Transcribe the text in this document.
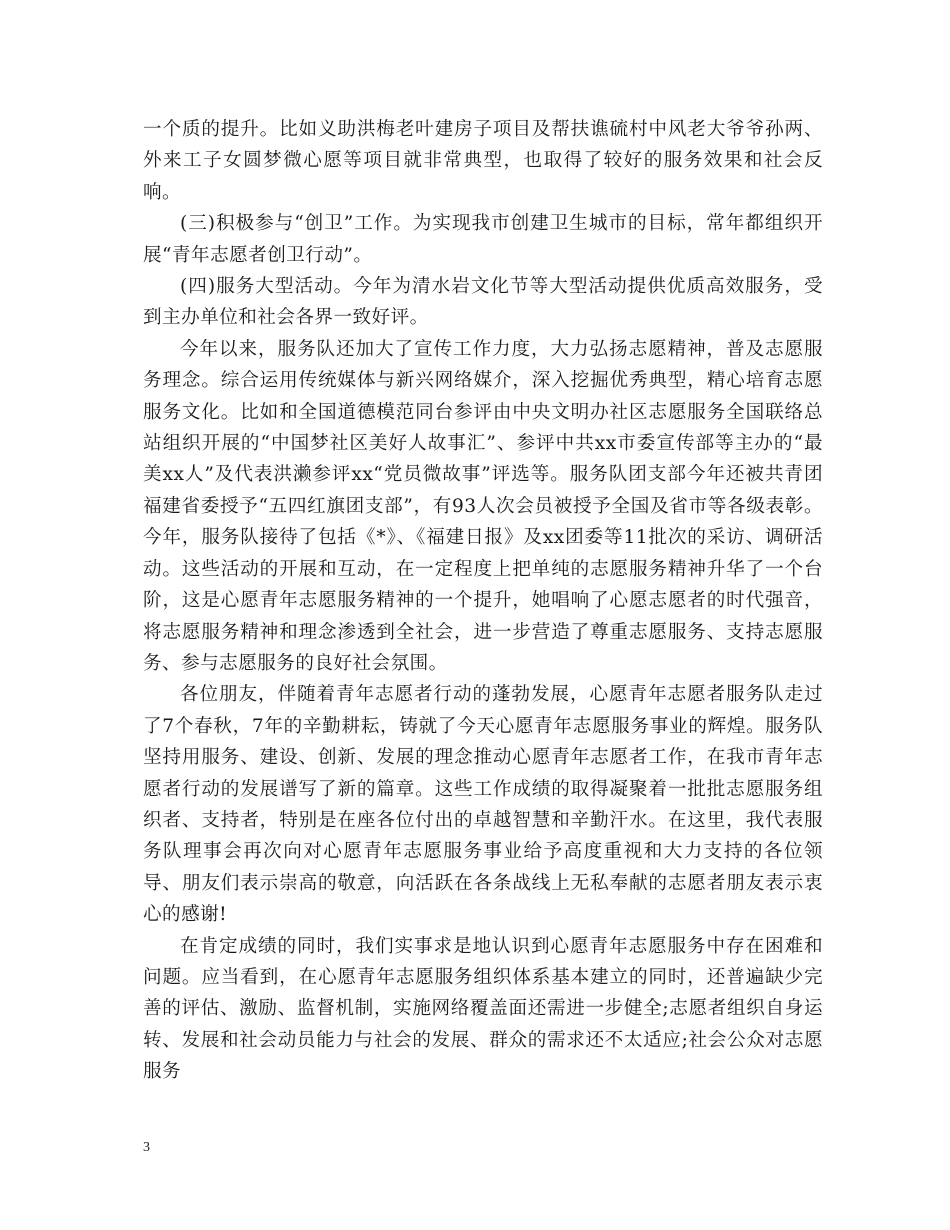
一个质的提升。比如义助洪梅老叶建房子项目及帮扶谯硫村中风老大爷爷孙两、外来工子女圆梦微心愿等项目就非常典型，也取得了较好的服务效果和社会反响。

(三)积极参与“创卫”工作。为实现我市创建卫生城市的目标，常年都组织开展“青年志愿者创卫行动”。

(四)服务大型活动。今年为清水岩文化节等大型活动提供优质高效服务，受到主办单位和社会各界一致好评。

今年以来，服务队还加大了宣传工作力度，大力弘扬志愿精神，普及志愿服务理念。综合运用传统媒体与新兴网络媒介，深入挖掘优秀典型，精心培育志愿服务文化。比如和全国道德模范同台参评由中央文明办社区志愿服务全国联络总站组织开展的“中国梦社区美好人故事汇”、参评中共xx市委宣传部等主办的“最美xx人”及代表洪濑参评xx“党员微故事”评选等。服务队团支部今年还被共青团福建省委授予“五四红旗团支部”，有93人次会员被授予全国及省市等各级表彰。今年，服务队接待了包括《*》、《福建日报》及xx团委等11批次的采访、调研活动。这些活动的开展和互动，在一定程度上把单纯的志愿服务精神升华了一个台阶，这是心愿青年志愿服务精神的一个提升，她唱响了心愿志愿者的时代强音，将志愿服务精神和理念渗透到全社会，进一步营造了尊重志愿服务、支持志愿服务、参与志愿服务的良好社会氛围。

各位朋友，伴随着青年志愿者行动的蓬勃发展，心愿青年志愿者服务队走过了7个春秋，7年的辛勤耕耘，铸就了今天心愿青年志愿服务事业的辉煌。服务队坚持用服务、建设、创新、发展的理念推动心愿青年志愿者工作，在我市青年志愿者行动的发展谱写了新的篇章。这些工作成绩的取得凝聚着一批批志愿服务组织者、支持者，特别是在座各位付出的卓越智慧和辛勤汗水。在这里，我代表服务队理事会再次向对心愿青年志愿服务事业给予高度重视和大力支持的各位领导、朋友们表示崇高的敬意，向活跃在各条战线上无私奉献的志愿者朋友表示衷心的感谢!

在肯定成绩的同时，我们实事求是地认识到心愿青年志愿服务中存在困难和问题。应当看到，在心愿青年志愿服务组织体系基本建立的同时，还普遍缺少完善的评估、激励、监督机制，实施网络覆盖面还需进一步健全;志愿者组织自身运转、发展和社会动员能力与社会的发展、群众的需求还不太适应;社会公众对志愿服务

3
